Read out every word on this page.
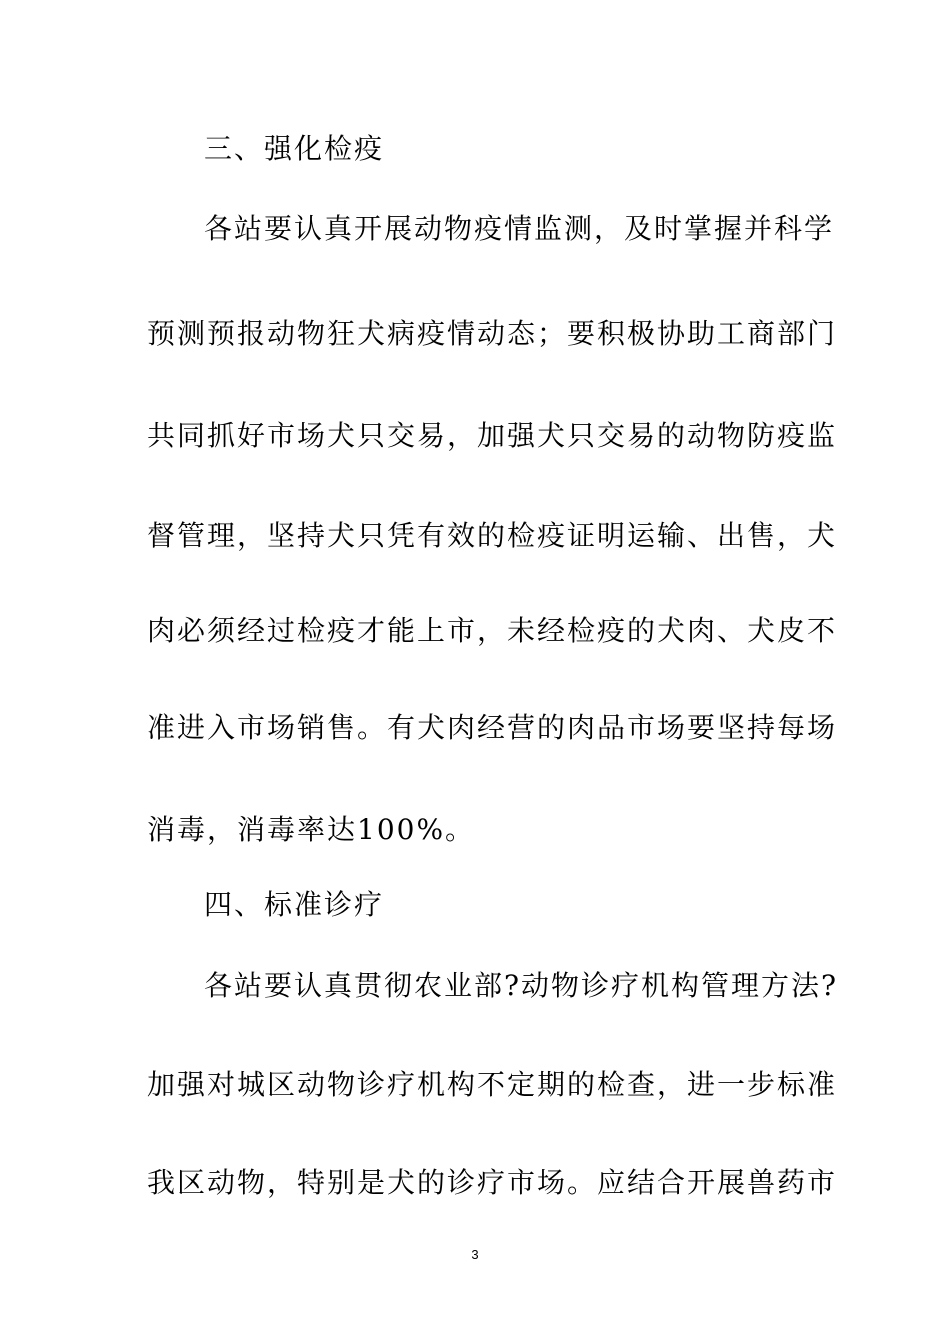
三、强化检疫
各站要认真开展动物疫情监测，及时掌握并科学
预测预报动物狂犬病疫情动态；要积极协助工商部门
共同抓好市场犬只交易，加强犬只交易的动物防疫监
督管理，坚持犬只凭有效的检疫证明运输、出售，犬
肉必须经过检疫才能上市，未经检疫的犬肉、犬皮不
准进入市场销售。有犬肉经营的肉品市场要坚持每场
消毒，消毒率达100%。
四、标准诊疗
各站要认真贯彻农业部?动物诊疗机构管理方法?
加强对城区动物诊疗机构不定期的检查，进一步标准
我区动物，特别是犬的诊疗市场。应结合开展兽药市
3
